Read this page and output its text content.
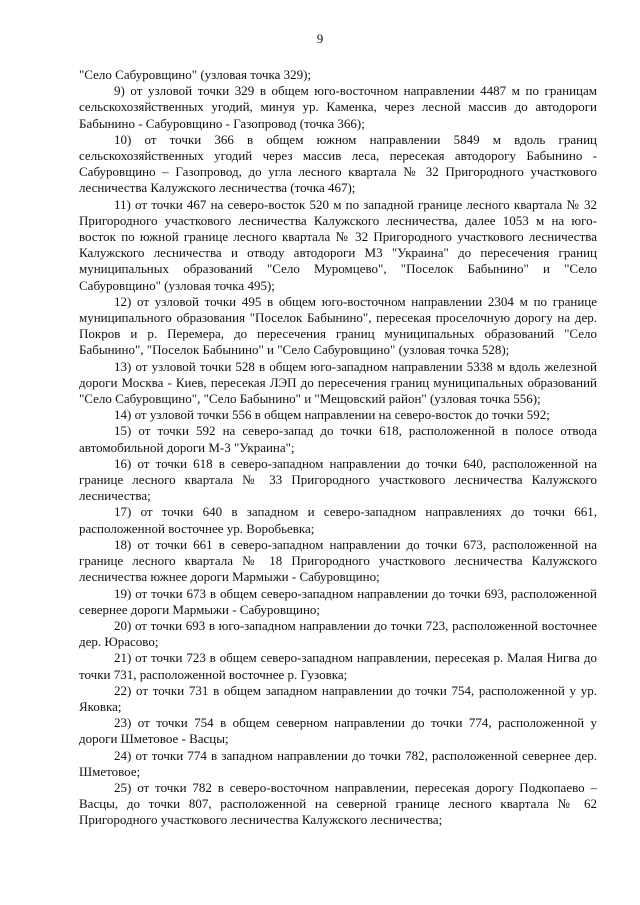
9

"Село Сабуровщино" (узловая точка 329);

9) от узловой точки 329 в общем юго-восточном направлении 4487 м по границам сельскохозяйственных угодий, минуя ур. Каменка, через лесной массив до автодороги Бабынино - Сабуровщино - Газопровод (точка 366);

10) от точки 366 в общем южном направлении 5849 м вдоль границ сельскохозяйственных угодий через массив леса, пересекая автодорогу Бабынино - Сабуровщино – Газопровод, до угла лесного квартала № 32 Пригородного участкового лесничества Калужского лесничества (точка 467);

11) от точки 467 на северо-восток 520 м по западной границе лесного квартала № 32 Пригородного участкового лесничества Калужского лесничества, далее 1053 м на юго-восток по южной границе лесного квартала № 32 Пригородного участкового лесничества Калужского лесничества и отводу автодороги М3 "Украина" до пересечения границ муниципальных образований "Село Муромцево", "Поселок Бабынино" и "Село Сабуровщино" (узловая точка 495);

12) от узловой точки 495 в общем юго-восточном направлении 2304 м по границе муниципального образования "Поселок Бабынино", пересекая проселочную дорогу на дер. Покров и р. Перемера, до пересечения границ муниципальных образований "Село Бабынино", "Поселок Бабынино" и "Село Сабуровщино" (узловая точка 528);

13) от узловой точки 528 в общем юго-западном направлении 5338 м вдоль железной дороги Москва - Киев, пересекая ЛЭП до пересечения границ муниципальных образований "Село Сабуровщино", "Село Бабынино" и "Мещовский район" (узловая точка 556);

14) от узловой точки 556 в общем направлении на северо-восток до точки 592;

15) от точки 592 на северо-запад до точки 618, расположенной в полосе отвода автомобильной дороги М-3 "Украина";

16) от точки 618 в северо-западном направлении до точки 640, расположенной на границе лесного квартала № 33 Пригородного участкового лесничества Калужского лесничества;

17) от точки 640 в западном и северо-западном направлениях до точки 661, расположенной восточнее ур. Воробьевка;

18) от точки 661 в северо-западном направлении до точки 673, расположенной на границе лесного квартала № 18 Пригородного участкового лесничества Калужского лесничества южнее дороги Мармыжи - Сабуровщино;

19) от точки 673 в общем северо-западном направлении до точки 693, расположенной севернее дороги Мармыжи - Сабуровщино;

20) от точки 693 в юго-западном направлении до точки 723, расположенной восточнее дер. Юрасово;

21) от точки 723 в общем северо-западном направлении, пересекая р. Малая Нигва до точки 731, расположенной восточнее р. Гузовка;

22) от точки 731 в общем западном направлении до точки 754, расположенной у ур. Яковка;

23) от точки 754 в общем северном направлении до точки 774, расположенной у дороги Шметовое - Васцы;

24) от точки 774 в западном направлении до точки 782, расположенной севернее дер. Шметовое;

25) от точки 782 в северо-восточном направлении, пересекая дорогу Подкопаево – Васцы, до точки 807, расположенной на северной границе лесного квартала № 62 Пригородного участкового лесничества Калужского лесничества;
